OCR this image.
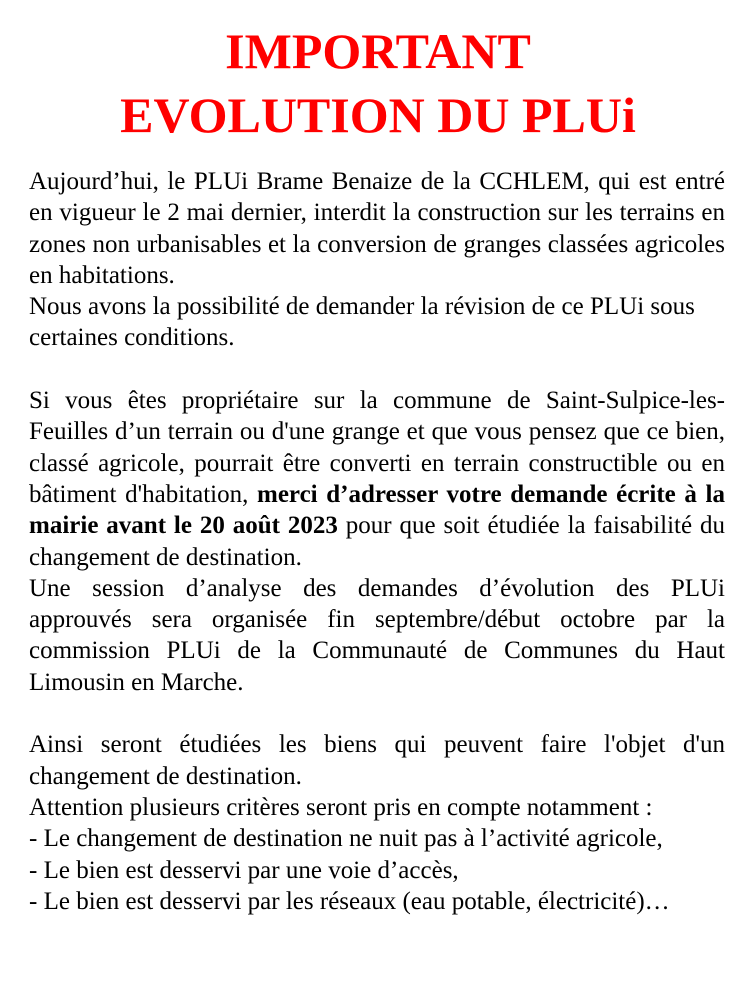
IMPORTANT
EVOLUTION DU PLUi

Aujourd’hui, le PLUi Brame Benaize de la CCHLEM, qui est entré en vigueur le 2 mai dernier, interdit la construction sur les terrains en zones non urbanisables et la conversion de granges classées agricoles en habitations.

Nous avons la possibilité de demander la révision de ce PLUi sous certaines conditions.

Si vous êtes propriétaire sur la commune de Saint-Sulpice-les-Feuilles d’un terrain ou d'une grange et que vous pensez que ce bien, classé agricole, pourrait être converti en terrain constructible ou en bâtiment d'habitation, merci d’adresser votre demande écrite à la mairie avant le 20 août 2023 pour que soit étudiée la faisabilité du changement de destination.

Une session d’analyse des demandes d’évolution des PLUi approuvés sera organisée fin septembre/début octobre par la commission PLUi de la Communauté de Communes du Haut Limousin en Marche.

Ainsi seront étudiées les biens qui peuvent faire l'objet d'un changement de destination.

Attention plusieurs critères seront pris en compte notamment :

- Le changement de destination ne nuit pas à l’activité agricole,

- Le bien est desservi par une voie d’accès,

- Le bien est desservi par les réseaux (eau potable, électricité)…
